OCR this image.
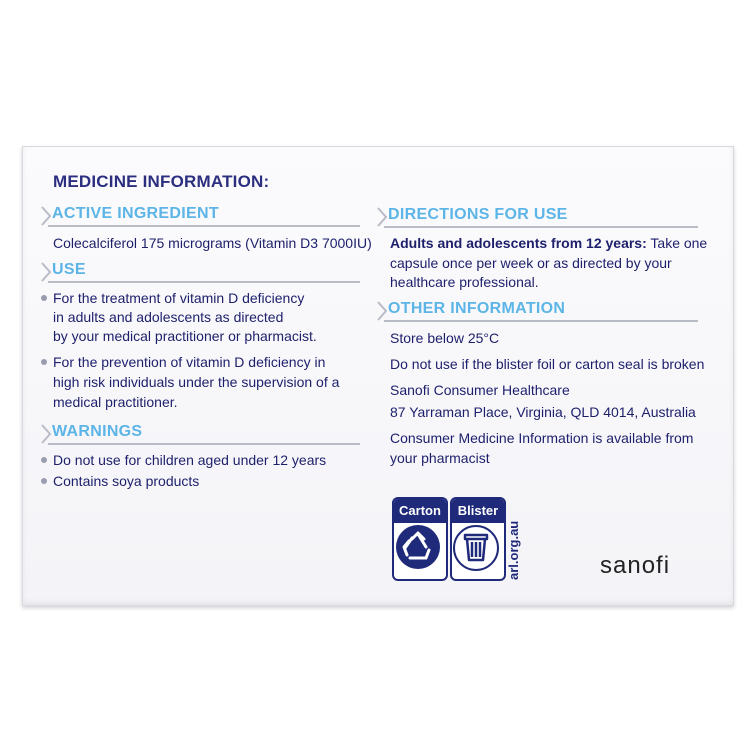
MEDICINE INFORMATION:
ACTIVE INGREDIENT
Colecalciferol 175 micrograms (Vitamin D3 7000IU)
USE
For the treatment of vitamin D deficiency
in adults and adolescents as directed
by your medical practitioner or pharmacist.
For the prevention of vitamin D deficiency in
high risk individuals under the supervision of a
medical practitioner.
WARNINGS
Do not use for children aged under 12 years
Contains soya products
DIRECTIONS FOR USE
Adults and adolescents from 12 years: Take one
capsule once per week or as directed by your
healthcare professional.
OTHER INFORMATION
Store below 25°C
Do not use if the blister foil or carton seal is broken
Sanofi Consumer Healthcare
87 Yarraman Place, Virginia, QLD 4014, Australia
Consumer Medicine Information is available from
your pharmacist
Carton	Blister
arl.org.au	sanofi
